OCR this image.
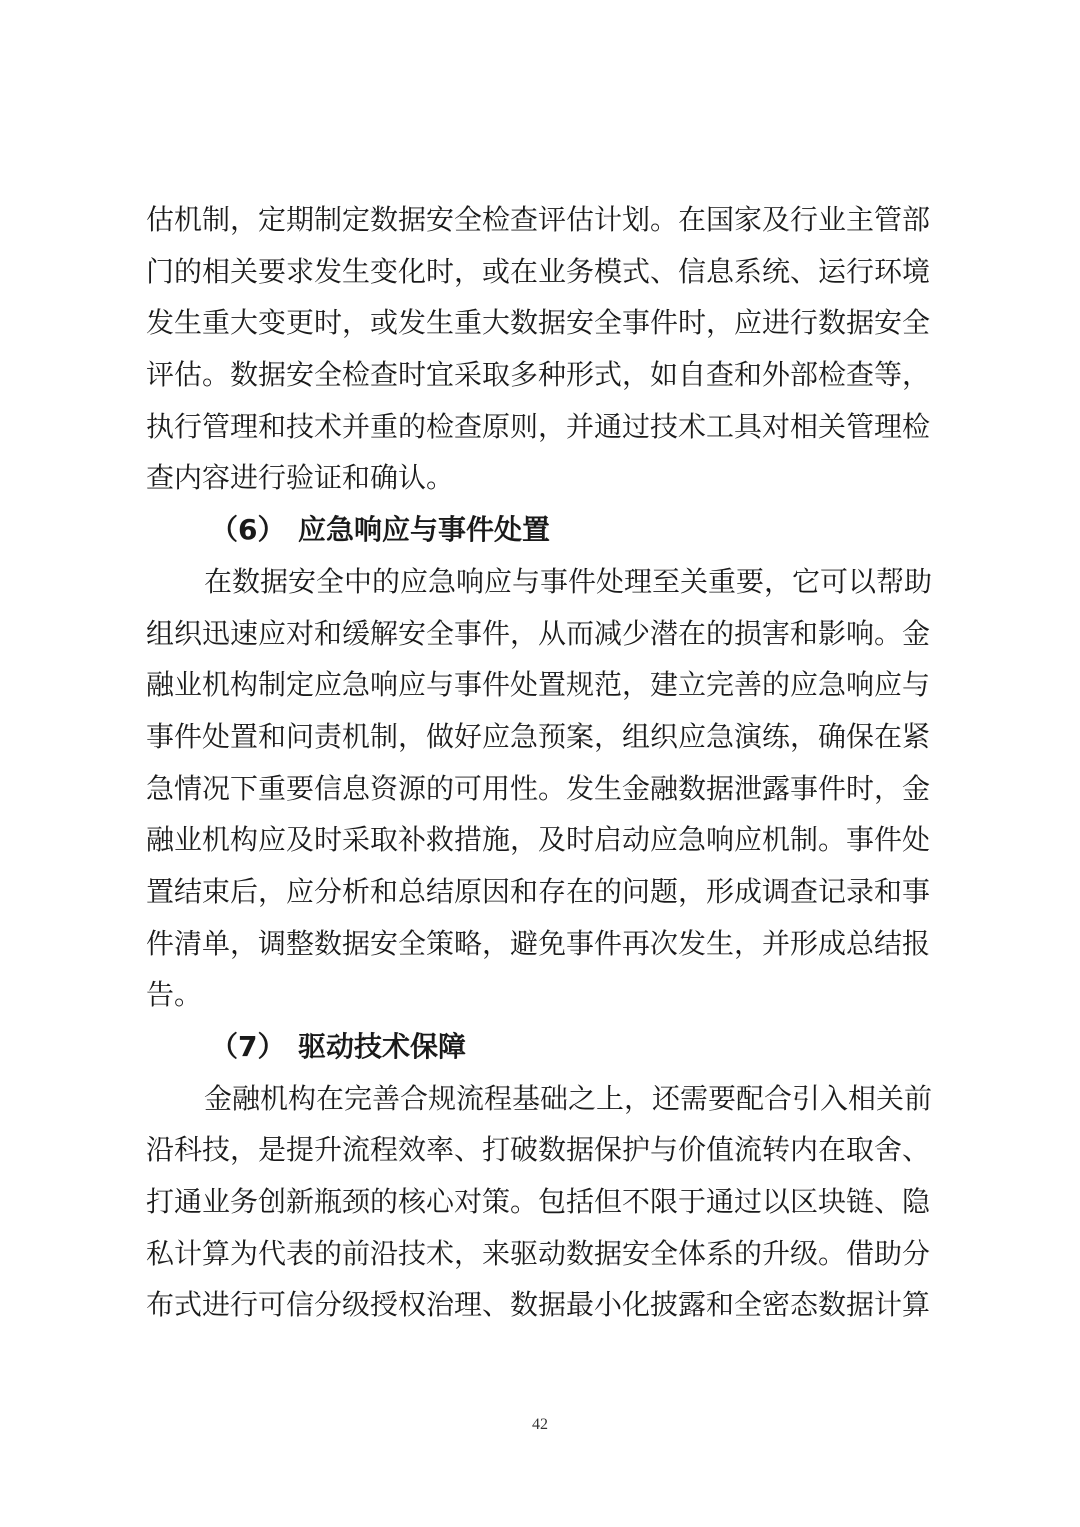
估机制，定期制定数据安全检查评估计划。在国家及行业主管部
门的相关要求发生变化时，或在业务模式、信息系统、运行环境
发生重大变更时，或发生重大数据安全事件时，应进行数据安全
评估。数据安全检查时宜采取多种形式，如自查和外部检查等，
执行管理和技术并重的检查原则，并通过技术工具对相关管理检
查内容进行验证和确认。
（6） 应急响应与事件处置
在数据安全中的应急响应与事件处理至关重要，它可以帮助
组织迅速应对和缓解安全事件，从而减少潜在的损害和影响。金
融业机构制定应急响应与事件处置规范，建立完善的应急响应与
事件处置和问责机制，做好应急预案，组织应急演练，确保在紧
急情况下重要信息资源的可用性。发生金融数据泄露事件时，金
融业机构应及时采取补救措施，及时启动应急响应机制。事件处
置结束后，应分析和总结原因和存在的问题，形成调查记录和事
件清单，调整数据安全策略，避免事件再次发生，并形成总结报
告。
（7） 驱动技术保障
金融机构在完善合规流程基础之上，还需要配合引入相关前
沿科技，是提升流程效率、打破数据保护与价值流转内在取舍、
打通业务创新瓶颈的核心对策。包括但不限于通过以区块链、隐
私计算为代表的前沿技术，来驱动数据安全体系的升级。借助分
布式进行可信分级授权治理、数据最小化披露和全密态数据计算
42
